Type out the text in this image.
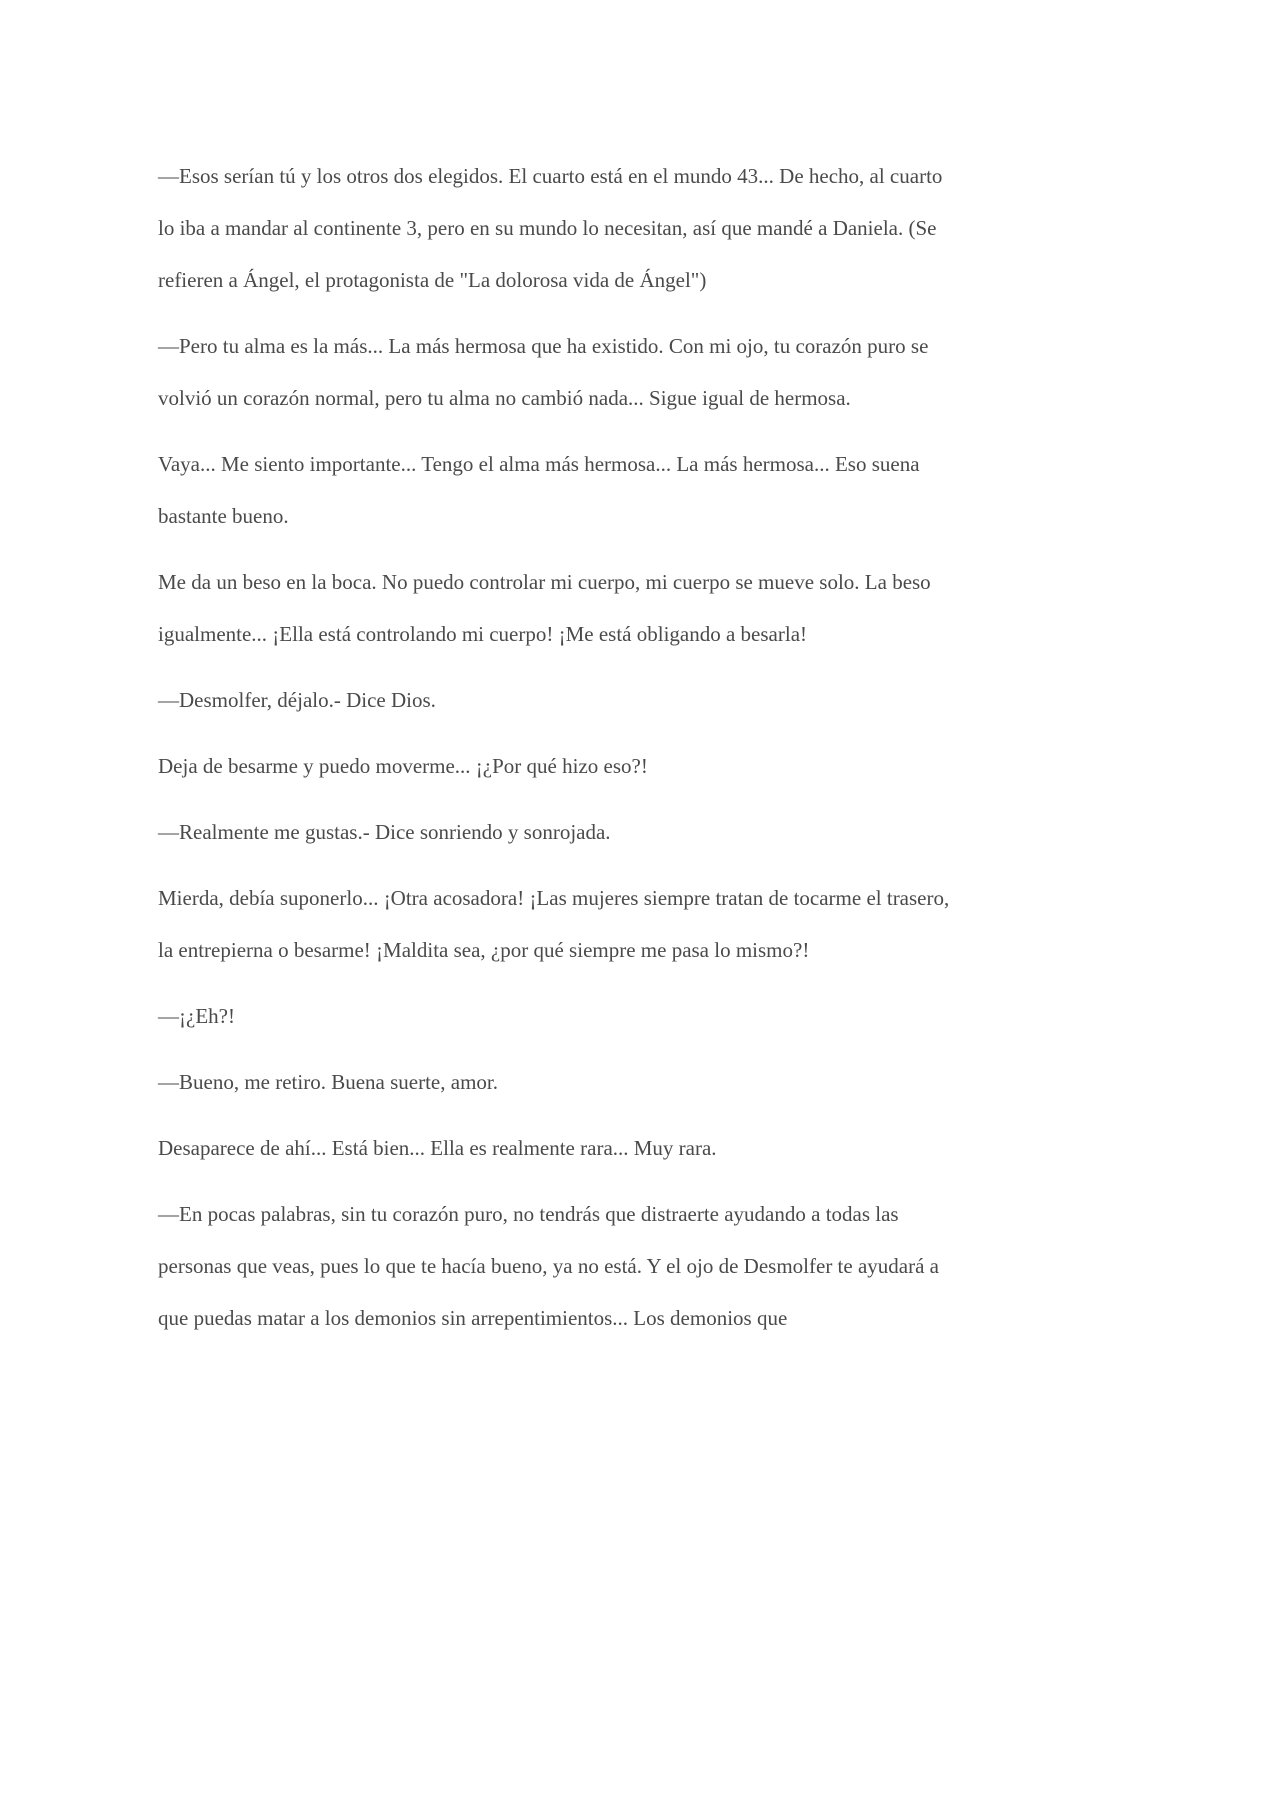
—Esos serían tú y los otros dos elegidos. El cuarto está en el mundo 43... De hecho, al cuarto lo iba a mandar al continente 3, pero en su mundo lo necesitan, así que mandé a Daniela. (Se refieren a Ángel, el protagonista de "La dolorosa vida de Ángel")

—Pero tu alma es la más... La más hermosa que ha existido. Con mi ojo, tu corazón puro se volvió un corazón normal, pero tu alma no cambió nada... Sigue igual de hermosa.

Vaya... Me siento importante... Tengo el alma más hermosa... La más hermosa... Eso suena bastante bueno.

Me da un beso en la boca. No puedo controlar mi cuerpo, mi cuerpo se mueve solo. La beso igualmente... ¡Ella está controlando mi cuerpo! ¡Me está obligando a besarla!

—Desmolfer, déjalo.- Dice Dios.

Deja de besarme y puedo moverme... ¡¿Por qué hizo eso?!

—Realmente me gustas.- Dice sonriendo y sonrojada.

Mierda, debía suponerlo... ¡Otra acosadora! ¡Las mujeres siempre tratan de tocarme el trasero, la entrepierna o besarme! ¡Maldita sea, ¿por qué siempre me pasa lo mismo?!

—¡¿Eh?!

—Bueno, me retiro. Buena suerte, amor.

Desaparece de ahí... Está bien... Ella es realmente rara... Muy rara.

—En pocas palabras, sin tu corazón puro, no tendrás que distraerte ayudando a todas las personas que veas, pues lo que te hacía bueno, ya no está. Y el ojo de Desmolfer te ayudará a que puedas matar a los demonios sin arrepentimientos... Los demonios que
